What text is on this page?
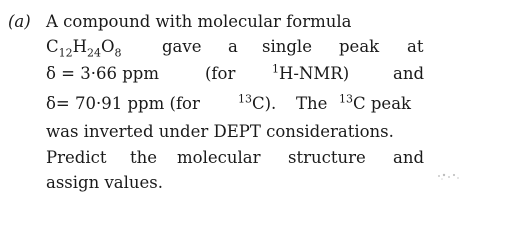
(a) A compound with molecular formula
$C_{12}H_{24}O_8$ gave a single peak at
δ = 3·66 ppm	(for	$^1$H-NMR)	and
δ= 70·91 ppm (for	$^{13}$C). The $^{13}$C peak
was inverted under DEPT considerations.
Predict the molecular structure and
assign values.
